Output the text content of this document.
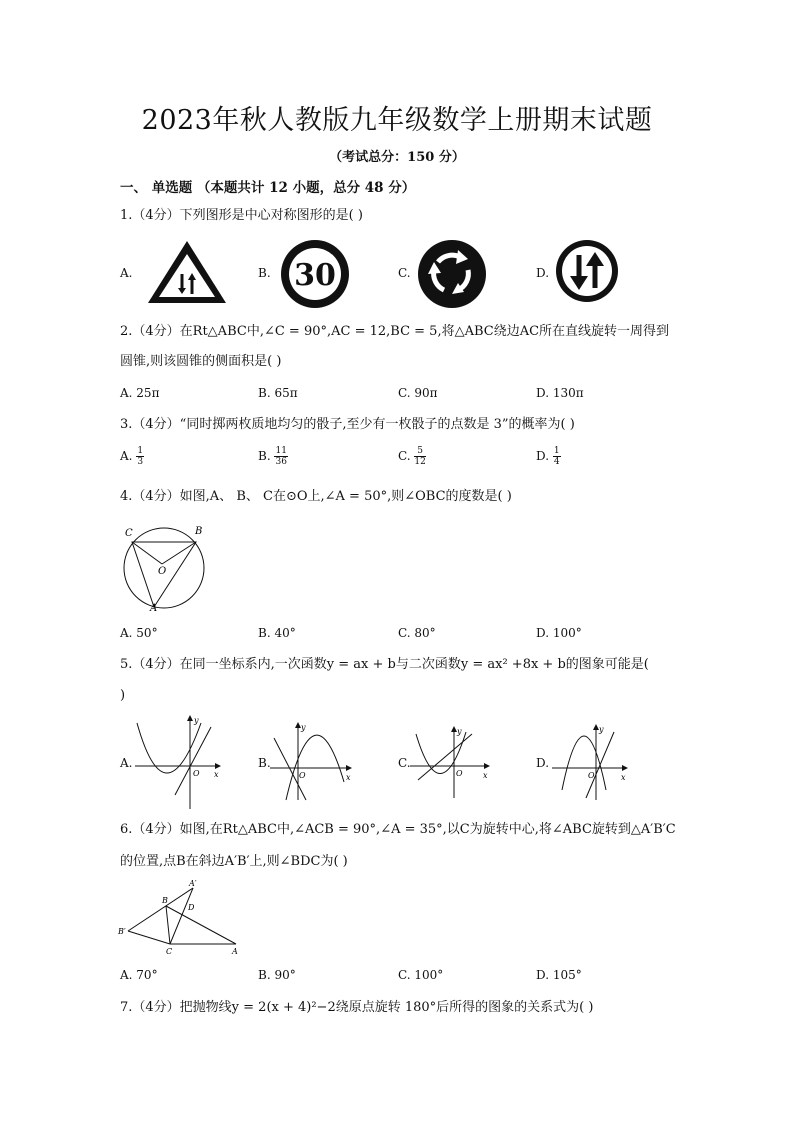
2023年秋人教版九年级数学上册期末试题
（考试总分：150 分）
一、 单选题 （本题共计 12 小题，总分 48 分）
1.（4分）下列图形是中心对称图形的是( )
A.	B. 30	C.	D.
2.（4分）在Rt△ABC中,∠C = 90°,AC = 12,BC = 5,将△ABC绕边AC所在直线旋转一周得到
圆锥,则该圆锥的侧面积是( )
A. 25π	B. 65π	C. 90π	D. 130π
3.（4分）“同时掷两枚质地均匀的骰子,至少有一枚骰子的点数是 3”的概率为( )
A. $\frac{1}{3}$	B. $\frac{11}{36}$	C. $\frac{5}{12}$	D. $\frac{1}{4}$
4.（4分）如图,A、 B、 C在⊙O上,∠A = 50°,则∠OBC的度数是( )
C	B
O
A
A. 50°	B. 40°	C. 80°	D. 100°
5.（4分）在同一坐标系内,一次函数y = ax + b与二次函数y = ax² +8x + b的图象可能是(
)
A.
y
x
O
B.
y
x
O
C.
y
x
O
D.
y
x
O
6.（4分）如图,在Rt△ABC中,∠ACB = 90°,∠A = 35°,以C为旋转中心,将∠ABC旋转到△A′B′C
的位置,点B在斜边A′B′上,则∠BDC为( )
A′
B
D
B′
C	A
A. 70°	B. 90°	C. 100°	D. 105°
7.（4分）把抛物线y = 2(x + 4)²−2绕原点旋转 180°后所得的图象的关系式为( )
